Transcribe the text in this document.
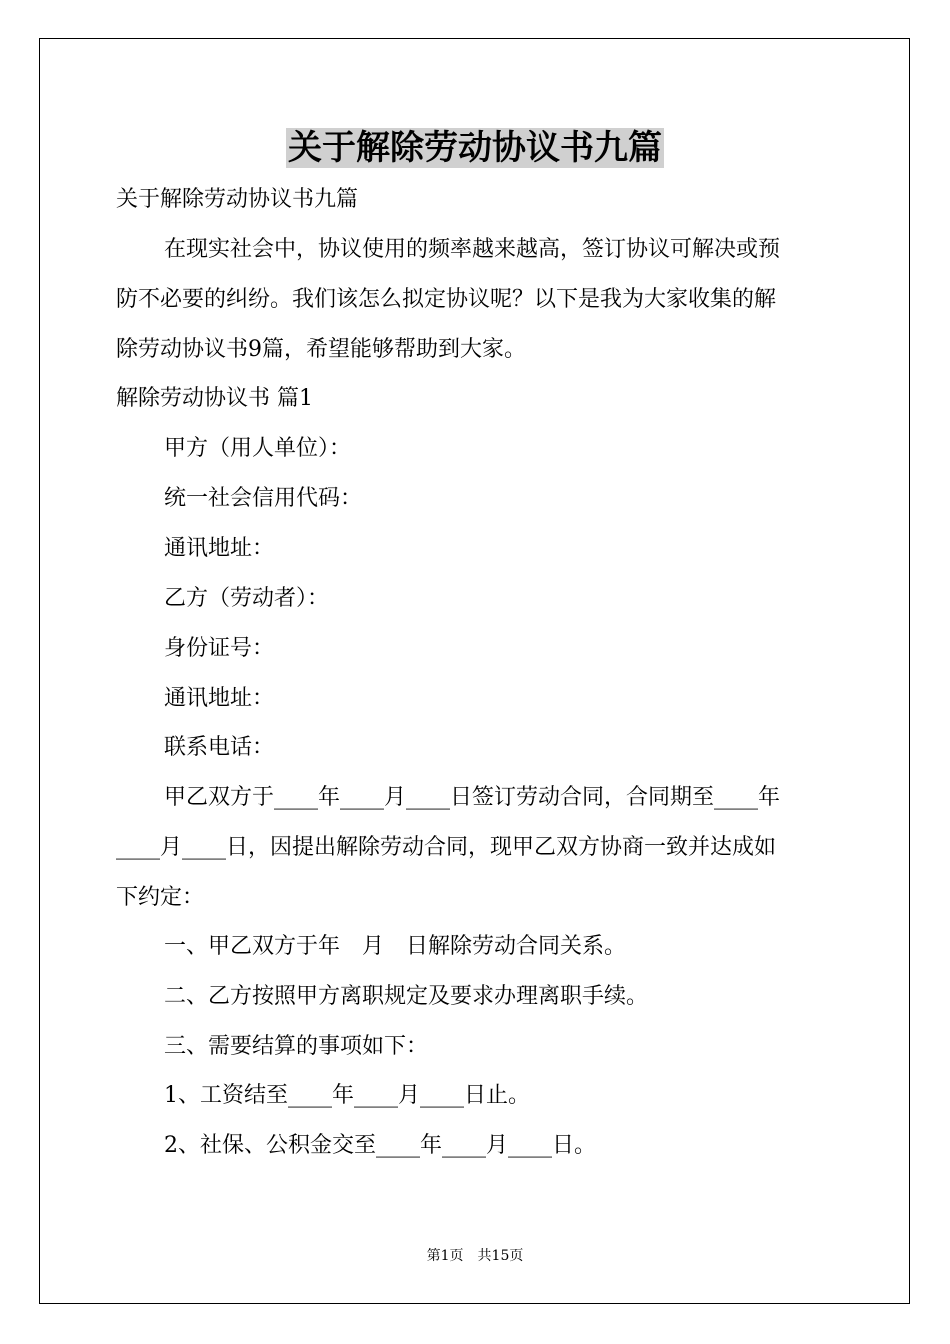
关于解除劳动协议书九篇
关于解除劳动协议书九篇
在现实社会中，协议使用的频率越来越高，签订协议可解决或预
防不必要的纠纷。我们该怎么拟定协议呢？以下是我为大家收集的解
除劳动协议书9篇，希望能够帮助到大家。
解除劳动协议书 篇1
甲方（用人单位）：
统一社会信用代码：
通讯地址：
乙方（劳动者）：
身份证号：
通讯地址：
联系电话：
甲乙双方于____年____月____日签订劳动合同，合同期至____年
____月____日，因提出解除劳动合同，现甲乙双方协商一致并达成如
下约定：
一、甲乙双方于年　月　日解除劳动合同关系。
二、乙方按照甲方离职规定及要求办理离职手续。
三、需要结算的事项如下：
1、工资结至____年____月____日止。
2、社保、公积金交至____年____月____日。
第1页　共15页
